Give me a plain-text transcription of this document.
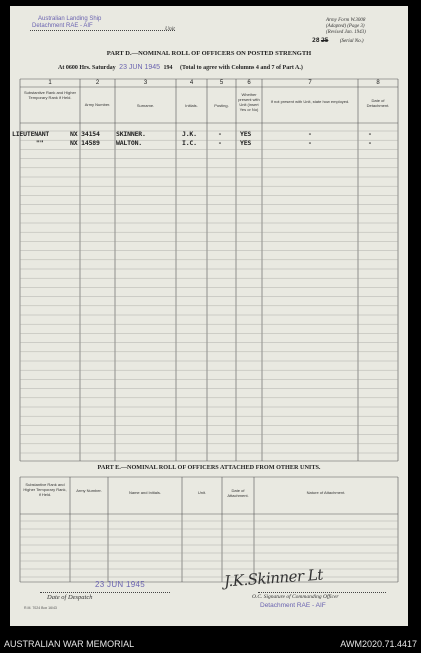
Australian Landing Ship
Detachment RAE - AIF	Unit
Army Form W.3008
(Adapted) (Page 3)
(Revised Jan. 1943)
28 25 (Serial No.)
PART D.—NOMINAL ROLL OF OFFICERS ON POSTED STRENGTH
At 0600 Hrs. Saturday 23 JUN 1945 194 (Total to agree with Columns 4 and 7 of Part A.)
1	2	3	4	5	6	7	8
Substantive Rank and Higher Temporary Rank if Held.
Army Number.	Surname.	Initials.	Posting.
Whether present with Unit (insert Yes or No)
If not present with Unit, state how employed.	Date of Detachment.
LIEUTENANT	NX 34154	SKINNER.	J.K.	-	YES	-	-
""	NX 14589	WALTON.	I.C.	-	YES	-	-
PART E.—NOMINAL ROLL OF OFFICERS ATTACHED FROM OTHER UNITS.
Substantive Rank and Higher Temporary Rank, if Held.
Army Number.	Name and Initials.	Unit.	Date of Attachment.
Nature of Attachment.
23 JUN 1945
Date of Despatch
J.K.Skinner Lt
O.C. Signature of Commanding Officer
Detachment RAE - AIF
R.M. 7024 Box 16/43
AUSTRALIAN WAR MEMORIAL	AWM2020.71.4417
